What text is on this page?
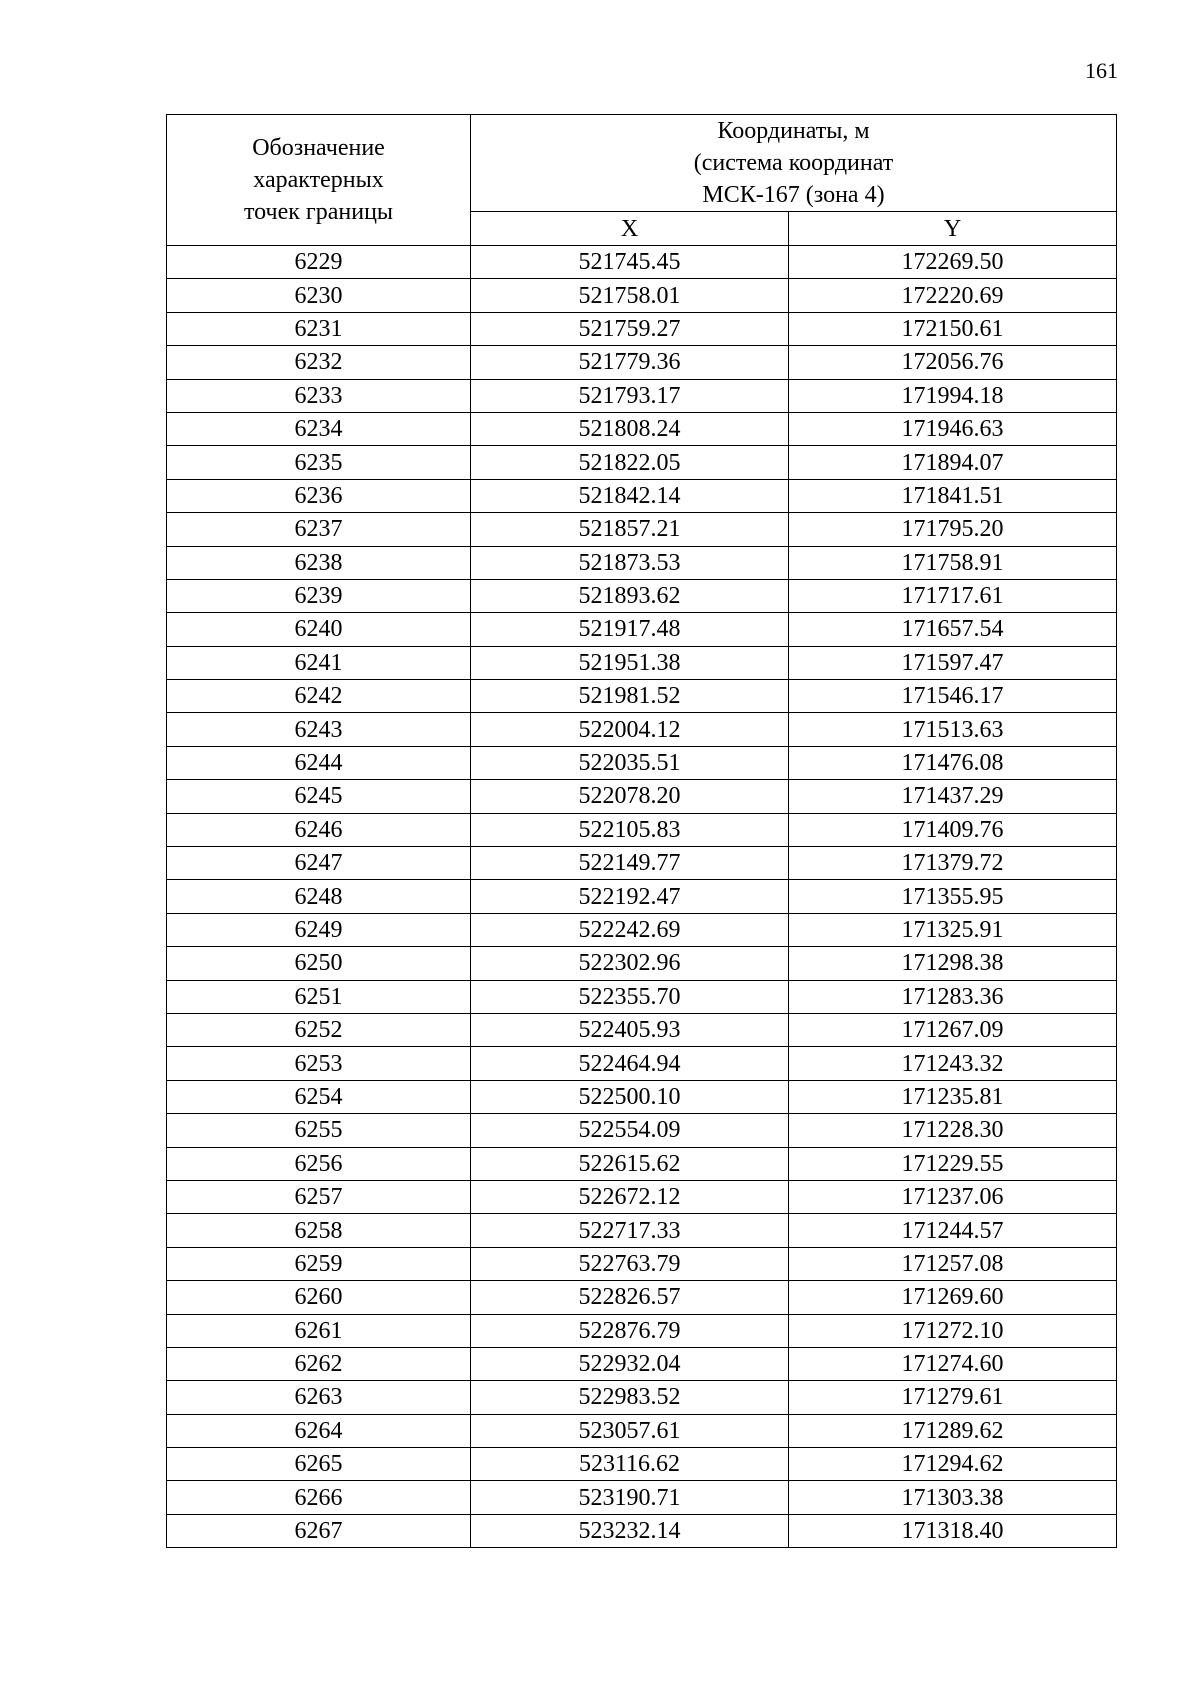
161
Обозначение
характерных
точек границы	Координаты, м
(система координат
МСК-167 (зона 4)	

	X	Y
6229	521745.45	172269.50
6230	521758.01	172220.69
6231	521759.27	172150.61
6232	521779.36	172056.76
6233	521793.17	171994.18
6234	521808.24	171946.63
6235	521822.05	171894.07
6236	521842.14	171841.51
6237	521857.21	171795.20
6238	521873.53	171758.91
6239	521893.62	171717.61
6240	521917.48	171657.54
6241	521951.38	171597.47
6242	521981.52	171546.17
6243	522004.12	171513.63
6244	522035.51	171476.08
6245	522078.20	171437.29
6246	522105.83	171409.76
6247	522149.77	171379.72
6248	522192.47	171355.95
6249	522242.69	171325.91
6250	522302.96	171298.38
6251	522355.70	171283.36
6252	522405.93	171267.09
6253	522464.94	171243.32
6254	522500.10	171235.81
6255	522554.09	171228.30
6256	522615.62	171229.55
6257	522672.12	171237.06
6258	522717.33	171244.57
6259	522763.79	171257.08
6260	522826.57	171269.60
6261	522876.79	171272.10
6262	522932.04	171274.60
6263	522983.52	171279.61
6264	523057.61	171289.62
6265	523116.62	171294.62
6266	523190.71	171303.38
6267	523232.14	171318.40
